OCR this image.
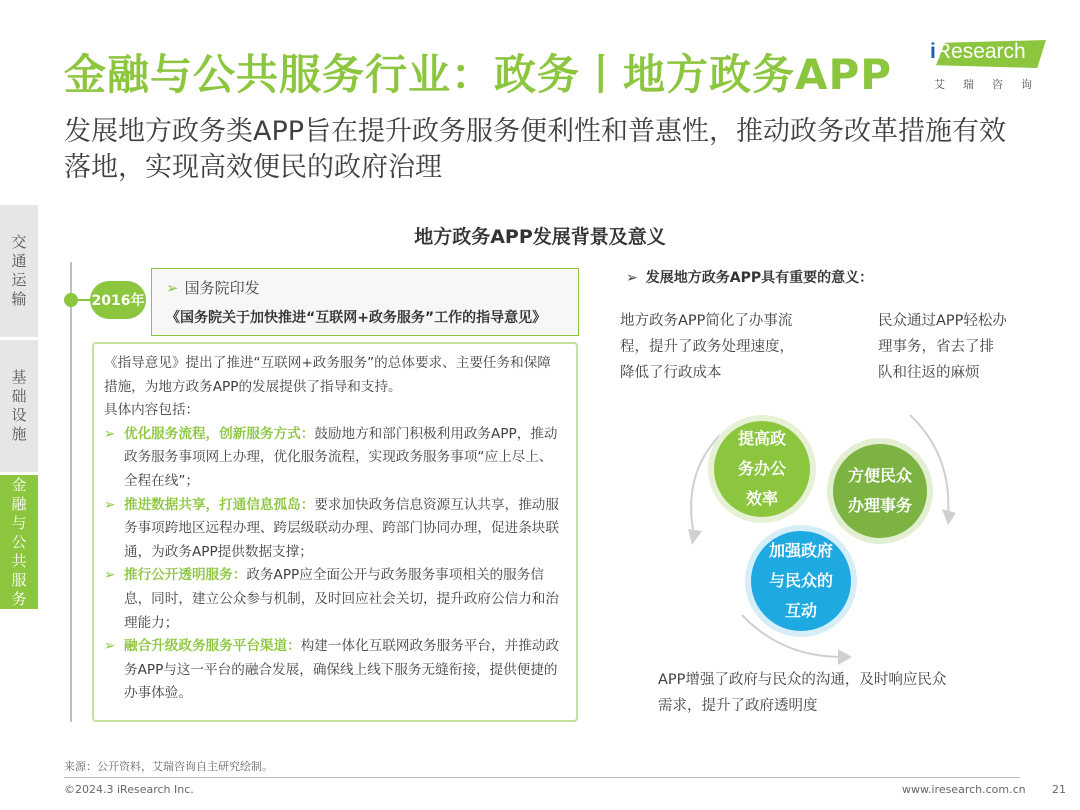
金融与公共服务行业：政务丨地方政务APP iResearch
艾瑞咨询
发展地方政务类APP旨在提升政务服务便利性和普惠性，推动政务改革措施有效落地，实现高效便民的政府治理
交通运输
基础设施
金融与公共服务
地方政务APP发展背景及意义
2016年
➢ 国务院印发
《国务院关于加快推进“互联网+政务服务”工作的指导意见》
《指导意见》提出了推进“互联网+政务服务”的总体要求、主要任务和保障措施，为地方政务APP的发展提供了指导和支持。
具体内容包括：
➢ 优化服务流程，创新服务方式：鼓励地方和部门积极利用政务APP，推动政务服务事项网上办理，优化服务流程，实现政务服务事项“应上尽上、全程在线”；
➢ 推进数据共享，打通信息孤岛：要求加快政务信息资源互认共享，推动服务事项跨地区远程办理、跨层级联动办理、跨部门协同办理，促进条块联通，为政务APP提供数据支撑；
➢ 推行公开透明服务：政务APP应全面公开与政务服务事项相关的服务信息，同时，建立公众参与机制，及时回应社会关切，提升政府公信力和治理能力；
➢ 融合升级政务服务平台渠道：构建一体化互联网政务服务平台，并推动政务APP与这一平台的融合发展，确保线上线下服务无缝衔接，提供便捷的办事体验。
➢ 发展地方政务APP具有重要的意义：
地方政务APP简化了办事流程，提升了政务处理速度，降低了行政成本
民众通过APP轻松办理事务，省去了排队和往返的麻烦
APP增强了政府与民众的沟通，及时响应民众需求，提升了政府透明度
提高政
务办公
效率
方便民众
办理事务
加强政府
与民众的
互动
来源：公开资料，艾瑞咨询自主研究绘制。
©2024.3 iResearch Inc.	www.iresearch.com.cn 21
